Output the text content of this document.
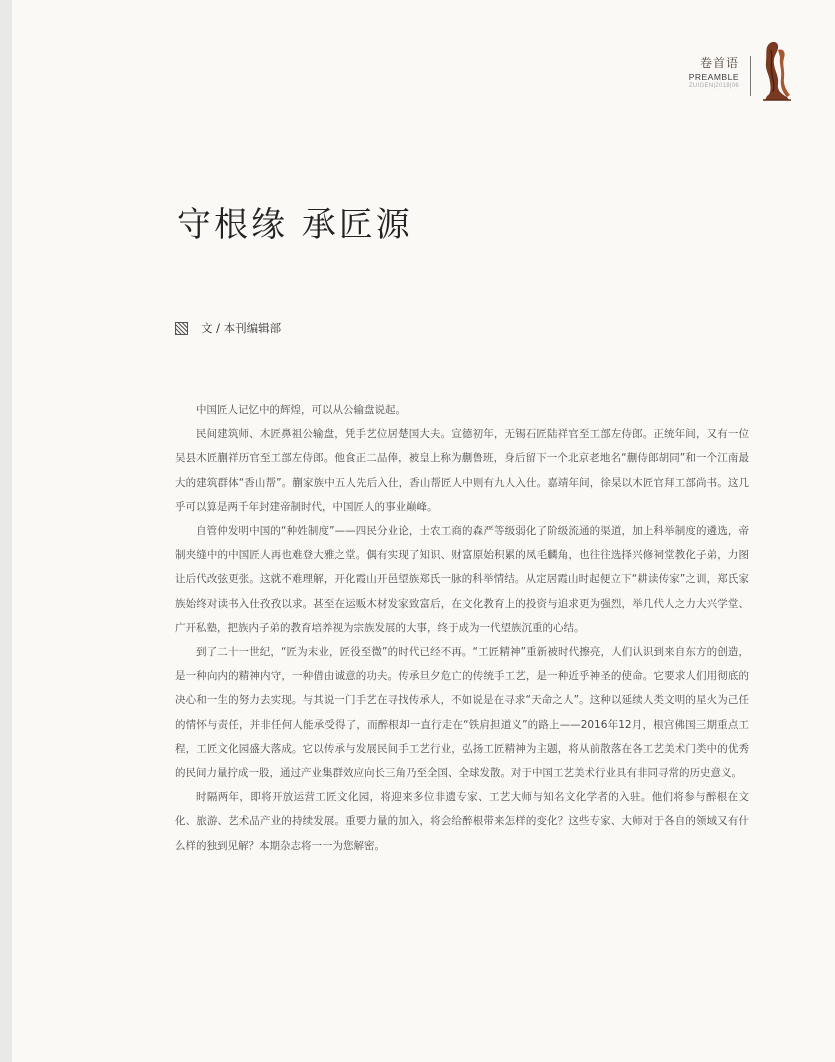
卷首语
PREAMBLE
ZUIGEN|2018|06
守根缘 承匠源
文 / 本刊编辑部

中国匠人记忆中的辉煌，可以从公输盘说起。

民间建筑师、木匠鼻祖公输盘，凭手艺位居楚国大夫。宣德初年，无锡石匠陆祥官至工部左侍郎。正统年间，又有一位吴县木匠蒯祥历官至工部左侍郎。他食正二品俸，被皇上称为蒯鲁班，身后留下一个北京老地名“蒯侍郎胡同”和一个江南最大的建筑群体“香山帮”。蒯家族中五人先后入仕，香山帮匠人中则有九人入仕。嘉靖年间，徐杲以木匠官拜工部尚书。这几乎可以算是两千年封建帝制时代，中国匠人的事业巅峰。

自管仲发明中国的“种姓制度”——四民分业论，士农工商的森严等级弱化了阶级流通的渠道，加上科举制度的遴选，帝制夹缝中的中国匠人再也难登大雅之堂。偶有实现了知识、财富原始积累的凤毛麟角，也往往选择兴修祠堂教化子弟，力图让后代改弦更张。这就不难理解，开化霞山开邑望族郑氏一脉的科举情结。从定居霞山时起便立下“耕读传家”之训，郑氏家族始终对读书入仕孜孜以求。甚至在运贩木材发家致富后，在文化教育上的投资与追求更为强烈，举几代人之力大兴学堂、广开私塾，把族内子弟的教育培养视为宗族发展的大事，终于成为一代望族沉重的心结。

到了二十一世纪，“匠为末业，匠役至微”的时代已经不再。“工匠精神”重新被时代擦亮，人们认识到来自东方的创造，是一种向内的精神内守，一种借由诚意的功夫。传承旦夕危亡的传统手工艺，是一种近乎神圣的使命。它要求人们用彻底的决心和一生的努力去实现。与其说一门手艺在寻找传承人，不如说是在寻求“天命之人”。这种以延续人类文明的星火为己任的情怀与责任，并非任何人能承受得了，而醉根却一直行走在“铁肩担道义”的路上——2016年12月，根宫佛国三期重点工程，工匠文化园盛大落成。它以传承与发展民间手工艺行业，弘扬工匠精神为主题，将从前散落在各工艺美术门类中的优秀的民间力量拧成一股，通过产业集群效应向长三角乃至全国、全球发散。对于中国工艺美术行业具有非同寻常的历史意义。

时隔两年，即将开放运营工匠文化园，将迎来多位非遗专家、工艺大师与知名文化学者的入驻。他们将参与醉根在文化、旅游、艺术品产业的持续发展。重要力量的加入，将会给醉根带来怎样的变化？这些专家、大师对于各自的领域又有什么样的独到见解？本期杂志将一一为您解密。
